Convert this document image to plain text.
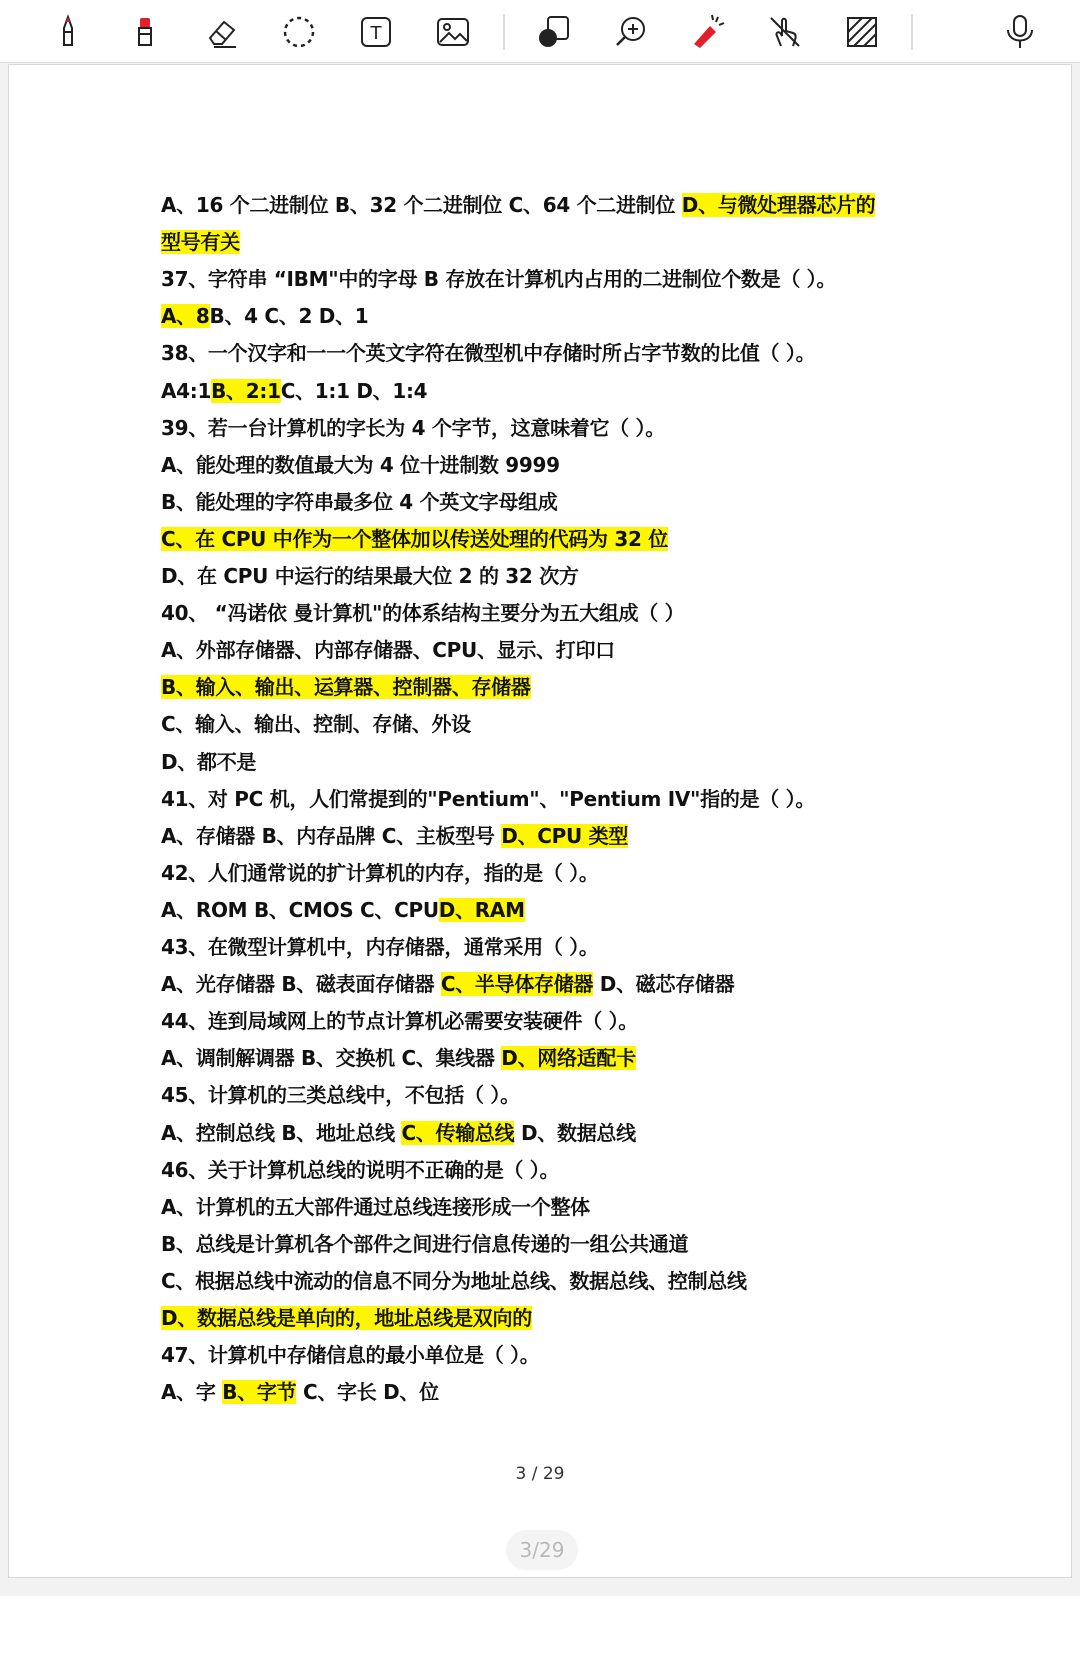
T
A、16 个二进制位 B、32 个二进制位 C、64 个二进制位 D、与微处理器芯片的
型号有关
37、字符串 “IBM"中的字母 B 存放在计算机内占用的二进制位个数是（ ）。
A、8B、4 C、2 D、1
38、一个汉字和一一个英文字符在微型机中存储时所占字节数的比值（ ）。
A4:1B、2:1C、1:1 D、1:4
39、若一台计算机的字长为 4 个字节，这意味着它（ ）。
A、能处理的数值最大为 4 位十进制数 9999
B、能处理的字符串最多位 4 个英文字母组成
C、在 CPU 中作为一个整体加以传送处理的代码为 32 位
D、在 CPU 中运行的结果最大位 2 的 32 次方
40、 “冯诺依 曼计算机"的体系结构主要分为五大组成（ ）
A、外部存储器、内部存储器、CPU、显示、打印口
B、输入、输出、运算器、控制器、存储器
C、输入、输出、控制、存储、外设
D、都不是
41、对 PC 机，人们常提到的"Pentium"、"Pentium IV"指的是（ ）。
A、存储器 B、内存品牌 C、主板型号 D、CPU 类型
42、人们通常说的扩计算机的内存，指的是（ ）。
A、ROM B、CMOS C、CPUD、RAM
43、在微型计算机中，内存储器，通常采用（ ）。
A、光存储器 B、磁表面存储器 C、半导体存储器 D、磁芯存储器
44、连到局域网上的节点计算机必需要安装硬件（ ）。
A、调制解调器 B、交换机 C、集线器 D、网络适配卡
45、计算机的三类总线中，不包括（ ）。
A、控制总线 B、地址总线 C、传输总线 D、数据总线
46、关于计算机总线的说明不正确的是（ ）。
A、计算机的五大部件通过总线连接形成一个整体
B、总线是计算机各个部件之间进行信息传递的一组公共通道
C、根据总线中流动的信息不同分为地址总线、数据总线、控制总线
D、数据总线是单向的，地址总线是双向的
47、计算机中存储信息的最小单位是（ ）。
A、字 B、字节 C、字长 D、位
3 / 29
3/29
